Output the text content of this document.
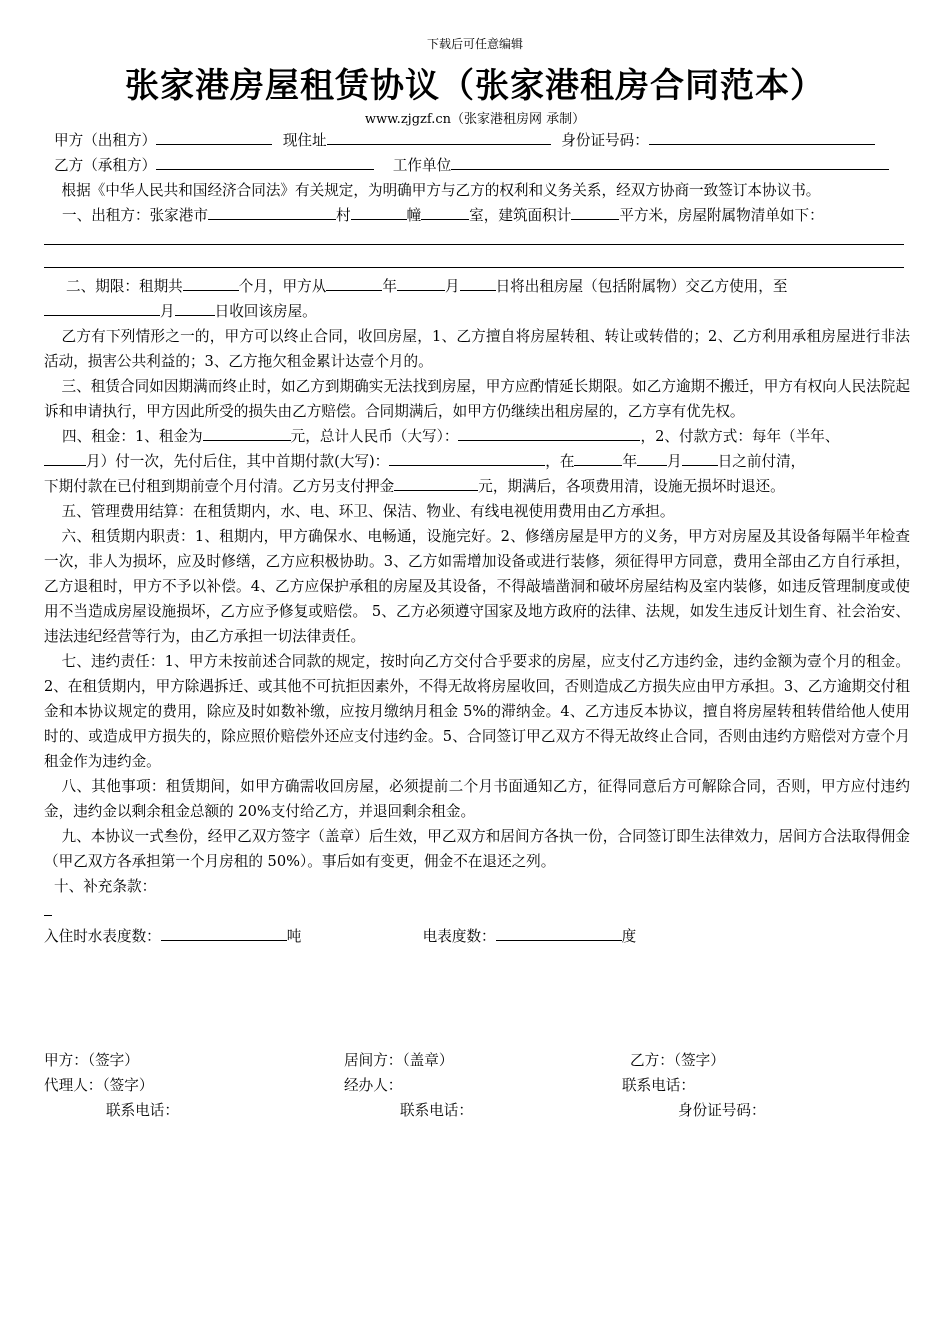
下载后可任意编辑
张家港房屋租赁协议（张家港租房合同范本）
www.zjgzf.cn（张家港租房网 承制）
甲方（出租方）	现住址	身份证号码：
乙方（承租方）	工作单位

根据《中华人民共和国经济合同法》有关规定，为明确甲方与乙方的权利和义务关系，经双方协商一致签订本协议书。

一、出租方：张家港市	村	幢	室，建筑面积计	平方米，房屋附属物清单如下：
二、期限：租期共	个月，甲方从	年	月 日将出租房屋（包括附属物）交乙方使用，至
月	日收回该房屋。

乙方有下列情形之一的，甲方可以终止合同，收回房屋，1、乙方擅自将房屋转租、转让或转借的；2、乙方利用承租房屋进行非法活动，损害公共利益的；3、乙方拖欠租金累计达壹个月的。

三、租赁合同如因期满而终止时，如乙方到期确实无法找到房屋，甲方应酌情延长期限。如乙方逾期不搬迁，甲方有权向人民法院起诉和申请执行，甲方因此所受的损失由乙方赔偿。合同期满后，如甲方仍继续出租房屋的，乙方享有优先权。

四、租金：1、租金为	元，总计人民币（大写）：	，2、付款方式：每年（半年、
月）付一次，先付后住，其中首期付款(大写)：	，在	年 月 日之前付清，
下期付款在已付租到期前壹个月付清。乙方另支付押金	元，期满后，各项费用清，设施无损坏时退还。

五、管理费用结算：在租赁期内，水、电、环卫、保洁、物业、有线电视使用费用由乙方承担。

六、租赁期内职责：1、租期内，甲方确保水、电畅通，设施完好。2、修缮房屋是甲方的义务，甲方对房屋及其设备每隔半年检查一次，非人为损坏，应及时修缮，乙方应积极协助。3、乙方如需增加设备或进行装修，须征得甲方同意，费用全部由乙方自行承担，乙方退租时，甲方不予以补偿。4、乙方应保护承租的房屋及其设备，不得敲墙凿洞和破坏房屋结构及室内装修，如违反管理制度或使用不当造成房屋设施损坏，乙方应予修复或赔偿。 5、乙方必须遵守国家及地方政府的法律、法规，如发生违反计划生育、社会治安、违法违纪经营等行为，由乙方承担一切法律责任。

七、违约责任：1、甲方未按前述合同款的规定，按时向乙方交付合乎要求的房屋，应支付乙方违约金，违约金额为壹个月的租金。2、在租赁期内，甲方除遇拆迁、或其他不可抗拒因素外，不得无故将房屋收回，否则造成乙方损失应由甲方承担。3、乙方逾期交付租金和本协议规定的费用，除应及时如数补缴，应按月缴纳月租金 5%的滞纳金。4、乙方违反本协议，擅自将房屋转租转借给他人使用时的、或造成甲方损失的，除应照价赔偿外还应支付违约金。5、合同签订甲乙双方不得无故终止合同，否则由违约方赔偿对方壹个月租金作为违约金。

八、其他事项：租赁期间，如甲方确需收回房屋，必须提前二个月书面通知乙方，征得同意后方可解除合同，否则，甲方应付违约金，违约金以剩余租金总额的 20%支付给乙方，并退回剩余租金。

九、本协议一式叁份，经甲乙双方签字（盖章）后生效，甲乙双方和居间方各执一份，合同签订即生法律效力，居间方合法取得佣金（甲乙双方各承担第一个月房租的 50%）。事后如有变更，佣金不在退还之列。

十、补充条款：
入住时水表度数：	吨	电表度数：	度
甲方：（签字）	居间方：（盖章）	乙方：（签字）
代理人：（签字）	经办人：	联系电话：
联系电话：	联系电话：	身份证号码：
